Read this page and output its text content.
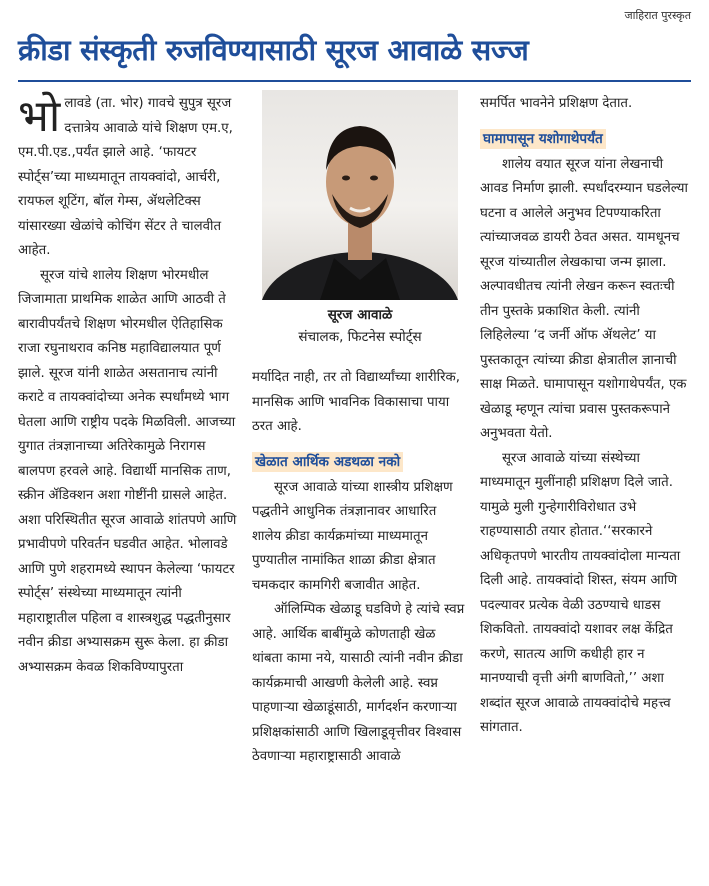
जाहिरात पुरस्कृत
क्रीडा संस्कृती रुजविण्यासाठी सूरज आवाळे सज्ज
भो लावडे (ता. भोर) गावचे सुपुत्र सूरज दत्तात्रेय आवाळे यांचे शिक्षण एम.ए, एम.पी.एड.,पर्यंत झाले आहे. ‘फायटर स्पोर्ट्‌स’च्या माध्यमातून तायक्वांदो, आर्चरी, रायफल शूटिंग, बॉल गेम्स, ॲथलेटिक्स यांसारख्या खेळांचे कोचिंग सेंटर ते चालवीत आहेत.

सूरज यांचे शालेय शिक्षण भोरमधील जिजामाता प्राथमिक शाळेत आणि आठवी ते बारावीपर्यंतचे शिक्षण भोरमधील ऐतिहासिक राजा रघुनाथराव कनिष्ठ महाविद्यालयात पूर्ण झाले. सूरज यांनी शाळेत असतानाच त्यांनी कराटे व तायक्वांदोच्या अनेक स्पर्धांमध्ये भाग घेतला आणि राष्ट्रीय पदके मिळविली. आजच्या युगात तंत्रज्ञानाच्या अतिरेकामुळे निरागस बालपण हरवले आहे. विद्यार्थी मानसिक ताण, स्क्रीन ॲडिक्शन अशा गोष्टींनी ग्रासले आहेत. अशा परिस्थितीत सूरज आवाळे शांतपणे आणि प्रभावीपणे परिवर्तन घडवीत आहेत. भोलावडे आणि पुणे शहरामध्ये स्थापन केलेल्या ‘फायटर स्पोर्ट्‌स’ संस्थेच्या माध्यमातून त्यांनी महाराष्ट्रातील पहिला व शास्त्रशुद्ध पद्धतीनुसार नवीन क्रीडा अभ्यासक्रम सुरू केला. हा क्रीडा अभ्यासक्रम केवळ शिकविण्यापुरता

सूरज आवाळे
संचालक, फिटनेस स्पोर्ट्‌स

मर्यादित नाही, तर तो विद्यार्थ्यांच्या शारीरिक, मानसिक आणि भावनिक विकासाचा पाया ठरत आहे.

खेळात आर्थिक अडथळा नको

सूरज आवाळे यांच्या शास्त्रीय प्रशिक्षण पद्धतीने आधुनिक तंत्रज्ञानावर आधारित शालेय क्रीडा कार्यक्रमांच्या माध्यमातून पुण्यातील नामांकित शाळा क्रीडा क्षेत्रात चमकदार कामगिरी बजावीत आहेत.

ऑलिम्पिक खेळाडू घडविणे हे त्यांचे स्वप्न आहे. आर्थिक बाबींमुळे कोणताही खेळ थांबता कामा नये, यासाठी त्यांनी नवीन क्रीडा कार्यक्रमाची आखणी केलेली आहे. स्वप्न पाहणाऱ्या खेळाडूंसाठी, मार्गदर्शन करणाऱ्या प्रशिक्षकांसाठी आणि खिलाडूवृत्तीवर विश्वास ठेवणाऱ्या महाराष्ट्रासाठी आवाळे

समर्पित भावनेने प्रशिक्षण देतात.

घामापासून यशोगाथेपर्यंत

शालेय वयात सूरज यांना लेखनाची आवड निर्माण झाली. स्पर्धांदरम्यान घडलेल्या घटना व आलेले अनुभव टिपण्याकरिता त्यांच्याजवळ डायरी ठेवत असत. यामधूनच सूरज यांच्यातील लेखकाचा जन्म झाला. अल्पावधीतच त्यांनी लेखन करून स्वतःची तीन पुस्तके प्रकाशित केली. त्यांनी लिहिलेल्या ‘द जर्नी ऑफ ॲथलेट’ या पुस्तकातून त्यांच्या क्रीडा क्षेत्रातील ज्ञानाची साक्ष मिळते. घामापासून यशोगाथेपर्यंत, एक खेळाडू म्हणून त्यांचा प्रवास पुस्तकरूपाने अनुभवता येतो.

सूरज आवाळे यांच्या संस्थेच्या माध्यमातून मुलींनाही प्रशिक्षण दिले जाते. यामुळे मुली गुन्हेगारीविरोधात उभे राहण्यासाठी तयार होतात.‘‘सरकारने अधिकृतपणे भारतीय तायक्वांदोला मान्यता दिली आहे. तायक्वांदो शिस्त, संयम आणि पदल्यावर प्रत्येक वेळी उठण्याचे धाडस शिकवितो. तायक्वांदो यशावर लक्ष केंद्रित करणे, सातत्य आणि कधीही हार न मानण्याची वृत्ती अंगी बाणवितो,’’ अशा शब्दांत सूरज आवाळे तायक्वांदोचे महत्त्व सांगतात.
